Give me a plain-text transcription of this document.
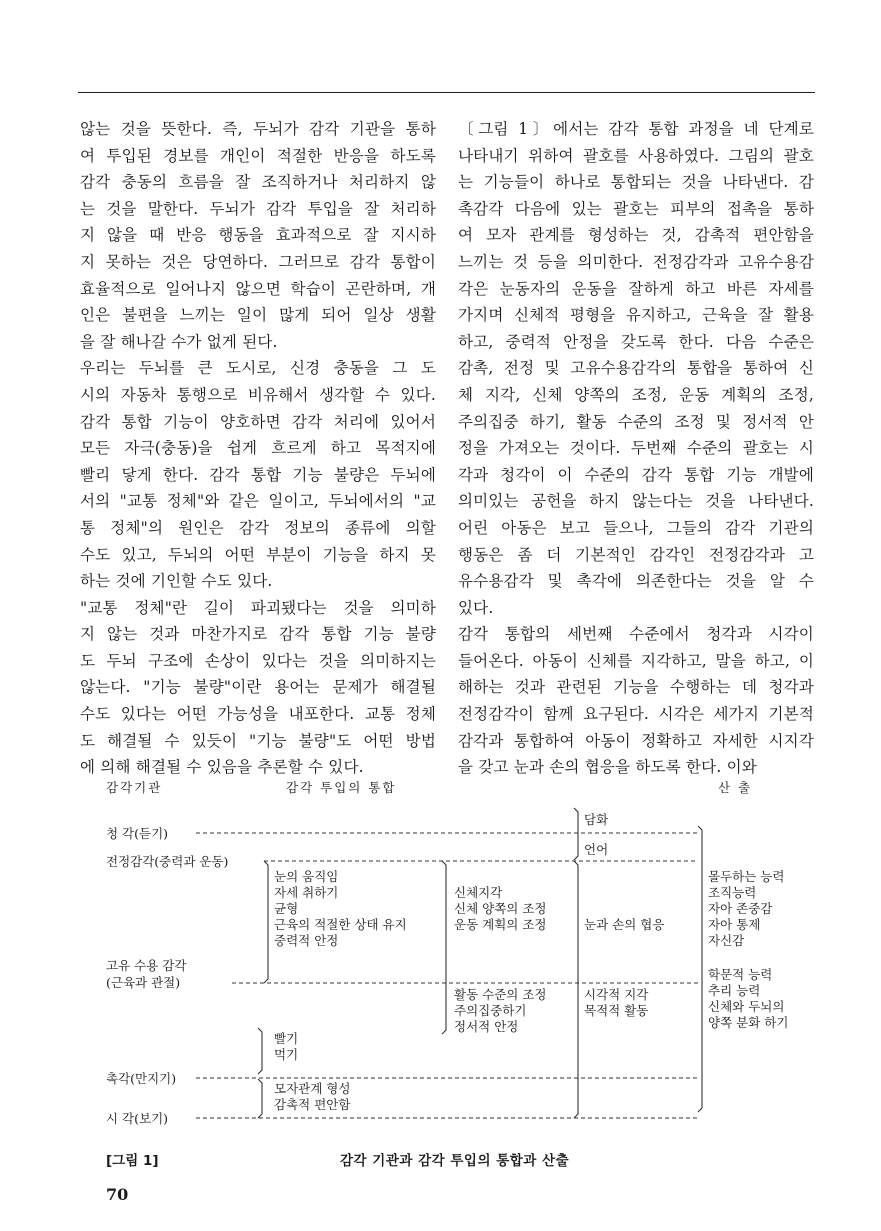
않는 것을 뜻한다. 즉, 두뇌가 감각 기관을 통하
여 투입된 경보를 개인이 적절한 반응을 하도록
감각 충동의 흐름을 잘 조직하거나 처리하지 않
는 것을 말한다. 두뇌가 감각 투입을 잘 처리하
지 않을 때 반응 행동을 효과적으로 잘 지시하
지 못하는 것은 당연하다. 그러므로 감각 통합이
효율적으로 일어나지 않으면 학습이 곤란하며, 개
인은 불편을 느끼는 일이 많게 되어 일상 생활
을 잘 해나갈 수가 없게 된다.
우리는 두뇌를 큰 도시로, 신경 충동을 그 도
시의 자동차 통행으로 비유해서 생각할 수 있다.
감각 통합 기능이 양호하면 감각 처리에 있어서
모든 자극(충동)을 쉽게 흐르게 하고 목적지에
빨리 닿게 한다. 감각 통합 기능 불량은 두뇌에
서의 "교통 정체"와 같은 일이고, 두뇌에서의 "교
통 정체"의 원인은 감각 정보의 종류에 의할
수도 있고, 두뇌의 어떤 부분이 기능을 하지 못
하는 것에 기인할 수도 있다.
"교통 정체"란 길이 파괴됐다는 것을 의미하
지 않는 것과 마찬가지로 감각 통합 기능 불량
도 두뇌 구조에 손상이 있다는 것을 의미하지는
않는다. "기능 불량"이란 용어는 문제가 해결될
수도 있다는 어떤 가능성을 내포한다. 교통 정체
도 해결될 수 있듯이 "기능 불량"도 어떤 방법
에 의해 해결될 수 있음을 추론할 수 있다.
〔그림 1〕에서는 감각 통합 과정을 네 단계로
나타내기 위하여 괄호를 사용하였다. 그림의 괄호
는 기능들이 하나로 통합되는 것을 나타낸다. 감
촉감각 다음에 있는 괄호는 피부의 접촉을 통하
여 모자 관계를 형성하는 것, 감촉적 편안함을
느끼는 것 등을 의미한다. 전정감각과 고유수용감
각은 눈동자의 운동을 잘하게 하고 바른 자세를
가지며 신체적 평형을 유지하고, 근육을 잘 활용
하고, 중력적 안정을 갖도록 한다. 다음 수준은
감촉, 전정 및 고유수용감각의 통합을 통하여 신
체 지각, 신체 양쪽의 조정, 운동 계획의 조정,
주의집중 하기, 활동 수준의 조정 및 정서적 안
정을 가져오는 것이다. 두번째 수준의 괄호는 시
각과 청각이 이 수준의 감각 통합 기능 개발에
의미있는 공헌을 하지 않는다는 것을 나타낸다.
어린 아동은 보고 들으나, 그들의 감각 기관의
행동은 좀 더 기본적인 감각인 전정감각과 고
유수용감각 및 촉각에 의존한다는 것을 알 수
있다.
감각 통합의 세번째 수준에서 청각과 시각이
들어온다. 아동이 신체를 지각하고, 말을 하고, 이
해하는 것과 관련된 기능을 수행하는 데 청각과
전정감각이 함께 요구된다. 시각은 세가지 기본적
감각과 통합하여 아동이 정확하고 자세한 시지각
을 갖고 눈과 손의 협응을 하도록 한다. 이와
감각기관	감각 투입의 통합	산 출
청 각(듣기)
전정감각(중력과 운동)
고유 수용 감각
(근육과 관절)
촉각(만지기)
시 각(보기)
눈의 움직임
자세 취하기
균형
근육의 적절한 상태 유지
중력적 안정
빨기
먹기
모자관계 형성
감촉적 편안함
신체지각
신체 양쪽의 조정
운동 계획의 조정
활동 수준의 조정
주의집중하기
정서적 안정
담화
언어
눈과 손의 협응
시각적 지각
목적적 활동
몰두하는 능력
조직능력
자아 존중감
자아 통제
자신감
학문적 능력
추리 능력
신체와 두뇌의
양쪽 분화 하기
[그림 1]	감각 기관과 감각 투입의 통합과 산출
70
